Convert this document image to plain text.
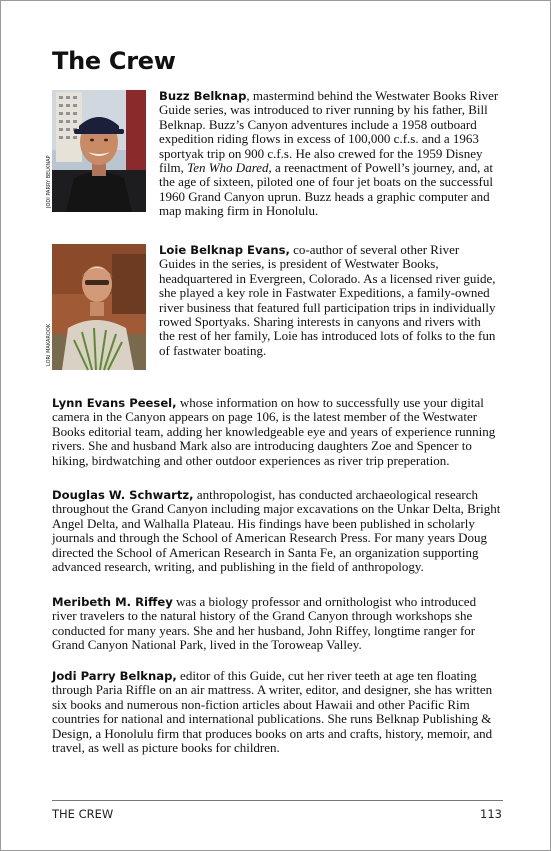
The Crew
JODI PARRY BELKNAP

Buzz Belknap, mastermind behind the Westwater Books River Guide series, was introduced to river running by his father, Bill Belknap. Buzz’s Canyon adventures include a 1958 outboard expedition riding flows in excess of 100,000 c.f.s. and a 1963 sportyak trip on 900 c.f.s. He also crewed for the 1959 Disney film, Ten Who Dared, a reenactment of Powell’s journey, and, at the age of sixteen, piloted one of four jet boats on the successful 1960 Grand Canyon uprun. Buzz heads a graphic computer and map making firm in Honolulu.

LORI MAKAROOK

Loie Belknap Evans, co-author of several other River Guides in the series, is president of Westwater Books, headquartered in Evergreen, Colorado. As a licensed river guide, she played a key role in Fastwater Expeditions, a family-owned river business that featured full participation trips in individually rowed Sportyaks. Sharing interests in canyons and rivers with the rest of her family, Loie has introduced lots of folks to the fun of fastwater boating.

Lynn Evans Peesel, whose information on how to successfully use your digital camera in the Canyon appears on page 106, is the latest member of the Westwater Books editorial team, adding her knowledgeable eye and years of experience running rivers. She and husband Mark also are introducing daughters Zoe and Spencer to hiking, birdwatching and other outdoor experiences as river trip preperation.

Douglas W. Schwartz, anthropologist, has conducted archaeological research throughout the Grand Canyon including major excavations on the Unkar Delta, Bright Angel Delta, and Walhalla Plateau. His findings have been published in scholarly journals and through the School of American Research Press. For many years Doug directed the School of American Research in Santa Fe, an organization supporting advanced research, writing, and publishing in the field of anthropology.

Meribeth M. Riffey was a biology professor and ornithologist who introduced river travelers to the natural history of the Grand Canyon through workshops she conducted for many years. She and her husband, John Riffey, longtime ranger for Grand Canyon National Park, lived in the Toroweap Valley.

Jodi Parry Belknap, editor of this Guide, cut her river teeth at age ten floating through Paria Riffle on an air mattress. A writer, editor, and designer, she has written six books and numerous non-fiction articles about Hawaii and other Pacific Rim countries for national and international publications. She runs Belknap Publishing & Design, a Honolulu firm that produces books on arts and crafts, history, memoir, and travel, as well as picture books for children.

THE CREW	113
